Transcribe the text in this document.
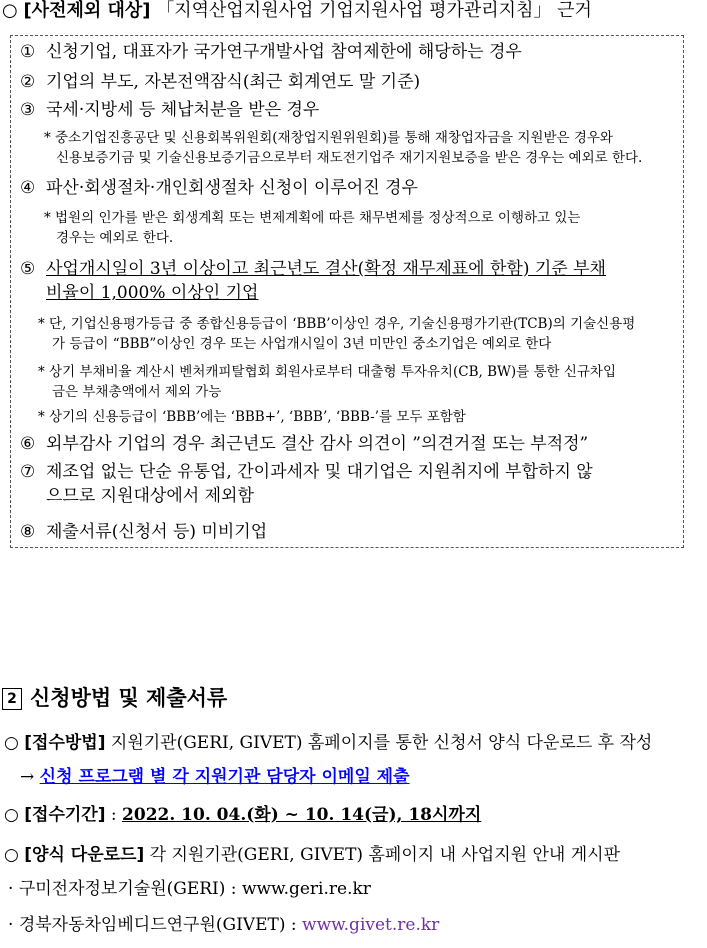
○ [사전제외 대상] 「지역산업지원사업 기업지원사업 평가관리지침」 근거
① 신청기업, 대표자가 국가연구개발사업 참여제한에 해당하는 경우
② 기업의 부도, 자본전액잠식(최근 회계연도 말 기준)
③ 국세·지방세 등 체납처분을 받은 경우
* 중소기업진흥공단 및 신용회복위원회(재창업지원위원회)를 통해 재창업자금을 지원받은 경우와
신용보증기금 및 기술신용보증기금으로부터 재도전기업주 재기지원보증을 받은 경우는 예외로 한다.
④ 파산·회생절차·개인회생절차 신청이 이루어진 경우
* 법원의 인가를 받은 회생계획 또는 변제계획에 따른 채무변제를 정상적으로 이행하고 있는
경우는 예외로 한다.
⑤ 사업개시일이 3년 이상이고 최근년도 결산(확정 재무제표에 한함) 기준 부채
비율이 1,000% 이상인 기업
* 단, 기업신용평가등급 중 종합신용등급이 ‘BBB’이상인 경우, 기술신용평가기관(TCB)의 기술신용평
가 등급이 “BBB”이상인 경우 또는 사업개시일이 3년 미만인 중소기업은 예외로 한다
* 상기 부채비율 계산시 벤처캐피탈협회 회원사로부터 대출형 투자유치(CB, BW)를 통한 신규차입
금은 부채총액에서 제외 가능
* 상기의 신용등급이 ‘BBB’에는 ‘BBB+’, ‘BBB’, ‘BBB-’를 모두 포함함
⑥ 외부감사 기업의 경우 최근년도 결산 감사 의견이 ”의견거절 또는 부적정”
⑦ 제조업 없는 단순 유통업, 간이과세자 및 대기업은 지원취지에 부합하지 않
으므로 지원대상에서 제외함
⑧ 제출서류(신청서 등) 미비기업
2 신청방법 및 제출서류
○ [접수방법] 지원기관(GERI, GIVET) 홈페이지를 통한 신청서 양식 다운로드 후 작성
→ 신청 프로그램 별 각 지원기관 담당자 이메일 제출
○ [접수기간] : 2022. 10. 04.(화) ~ 10. 14(금), 18시까지
○ [양식 다운로드] 각 지원기관(GERI, GIVET) 홈페이지 내 사업지원 안내 게시판
· 구미전자정보기술원(GERI) : www.geri.re.kr
· 경북자동차임베디드연구원(GIVET) : www.givet.re.kr
